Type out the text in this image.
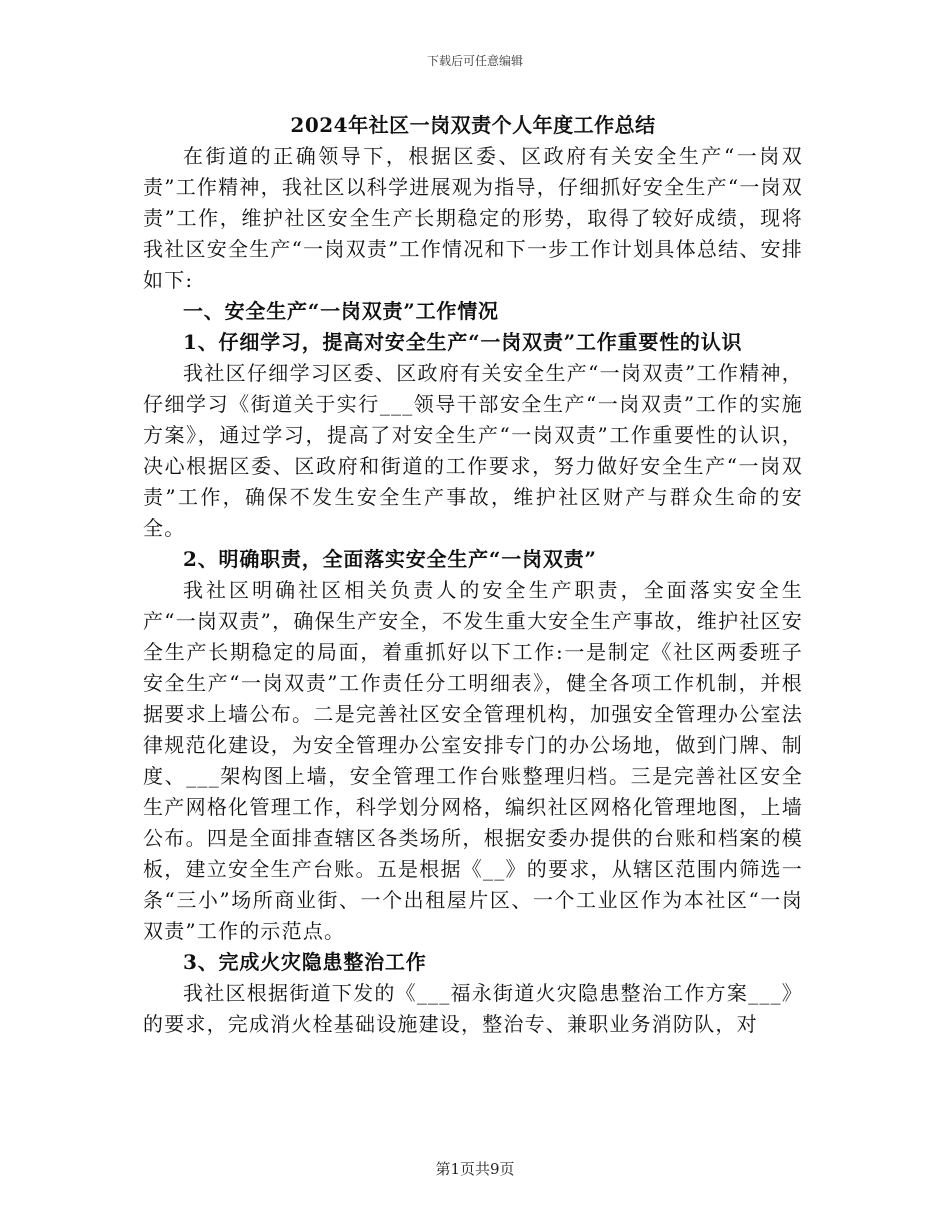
下载后可任意编辑

2024年社区一岗双责个人年度工作总结

在街道的正确领导下，根据区委、区政府有关安全生产“一岗双责”工作精神，我社区以科学进展观为指导，仔细抓好安全生产“一岗双责”工作，维护社区安全生产长期稳定的形势，取得了较好成绩，现将我社区安全生产“一岗双责”工作情况和下一步工作计划具体总结、安排如下:

一、安全生产“一岗双责”工作情况

1、仔细学习，提高对安全生产“一岗双责”工作重要性的认识

我社区仔细学习区委、区政府有关安全生产“一岗双责”工作精神，仔细学习《街道关于实行___领导干部安全生产“一岗双责”工作的实施方案》，通过学习，提高了对安全生产“一岗双责”工作重要性的认识，决心根据区委、区政府和街道的工作要求，努力做好安全生产“一岗双责”工作，确保不发生安全生产事故，维护社区财产与群众生命的安全。

2、明确职责，全面落实安全生产“一岗双责”

我社区明确社区相关负责人的安全生产职责，全面落实安全生产“一岗双责”，确保生产安全，不发生重大安全生产事故，维护社区安全生产长期稳定的局面，着重抓好以下工作:一是制定《社区两委班子安全生产“一岗双责”工作责任分工明细表》，健全各项工作机制，并根据要求上墙公布。二是完善社区安全管理机构，加强安全管理办公室法律规范化建设，为安全管理办公室安排专门的办公场地，做到门牌、制度、___架构图上墙，安全管理工作台账整理归档。三是完善社区安全生产网格化管理工作，科学划分网格，编织社区网格化管理地图，上墙公布。四是全面排查辖区各类场所，根据安委办提供的台账和档案的模板，建立安全生产台账。五是根据《__》的要求，从辖区范围内筛选一条“三小”场所商业街、一个出租屋片区、一个工业区作为本社区“一岗双责”工作的示范点。

3、完成火灾隐患整治工作

我社区根据街道下发的《___福永街道火灾隐患整治工作方案___》的要求，完成消火栓基础设施建设，整治专、兼职业务消防队，对

第1页共9页
